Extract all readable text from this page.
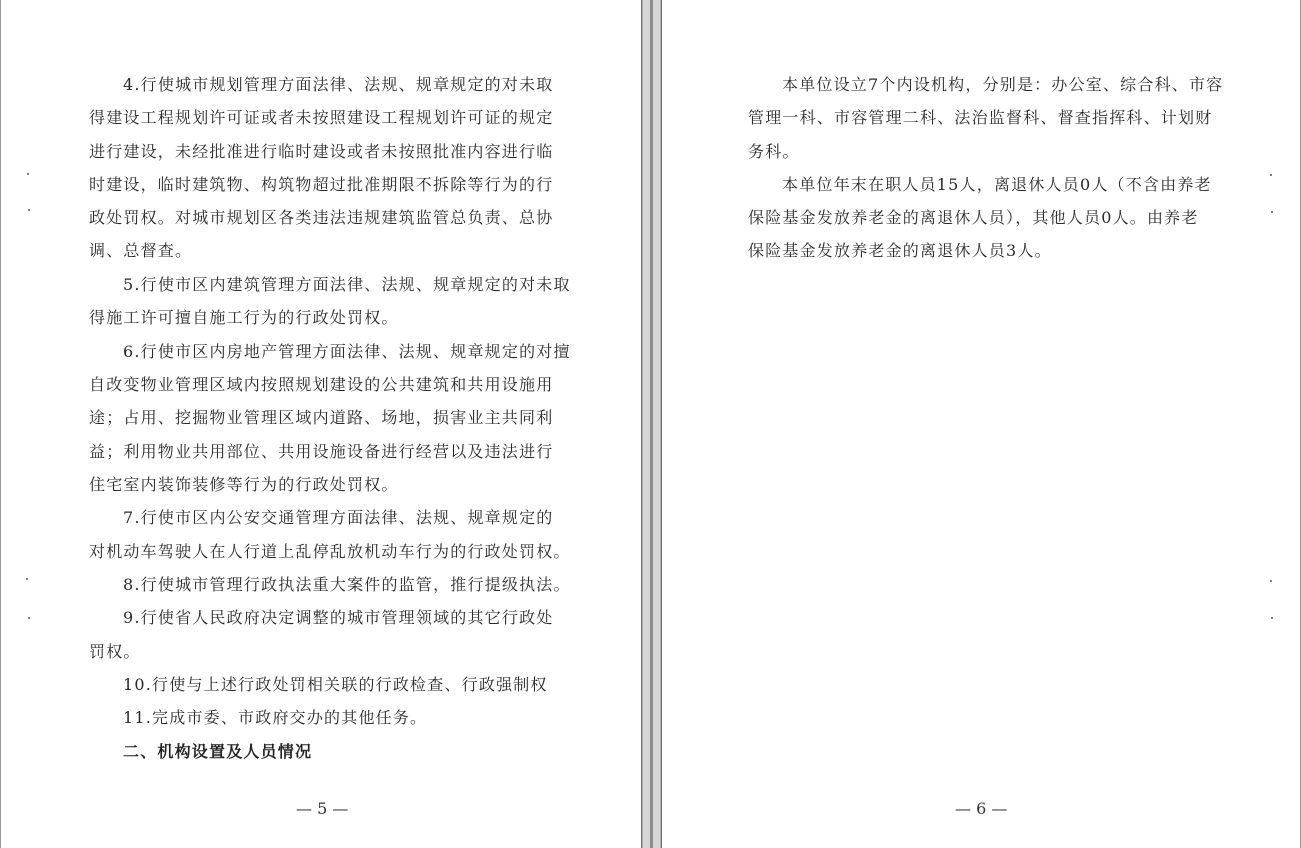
4.行使城市规划管理方面法律、法规、规章规定的对未取
得建设工程规划许可证或者未按照建设工程规划许可证的规定
进行建设，未经批准进行临时建设或者未按照批准内容进行临
时建设，临时建筑物、构筑物超过批准期限不拆除等行为的行
政处罚权。对城市规划区各类违法违规建筑监管总负责、总协
调、总督查。
5.行使市区内建筑管理方面法律、法规、规章规定的对未取
得施工许可擅自施工行为的行政处罚权。
6.行使市区内房地产管理方面法律、法规、规章规定的对擅
自改变物业管理区域内按照规划建设的公共建筑和共用设施用
途；占用、挖掘物业管理区域内道路、场地，损害业主共同利
益；利用物业共用部位、共用设施设备进行经营以及违法进行
住宅室内装饰装修等行为的行政处罚权。
7.行使市区内公安交通管理方面法律、法规、规章规定的
对机动车驾驶人在人行道上乱停乱放机动车行为的行政处罚权。
8.行使城市管理行政执法重大案件的监管，推行提级执法。
9.行使省人民政府决定调整的城市管理领域的其它行政处
罚权。
10.行使与上述行政处罚相关联的行政检查、行政强制权
11.完成市委、市政府交办的其他任务。
二、机构设置及人员情况
— 5 —
本单位设立7个内设机构，分别是：办公室、综合科、市容
管理一科、市容管理二科、法治监督科、督查指挥科、计划财
务科。
本单位年末在职人员15人，离退休人员0人（不含由养老
保险基金发放养老金的离退休人员），其他人员0人。由养老
保险基金发放养老金的离退休人员3人。
— 6 —
